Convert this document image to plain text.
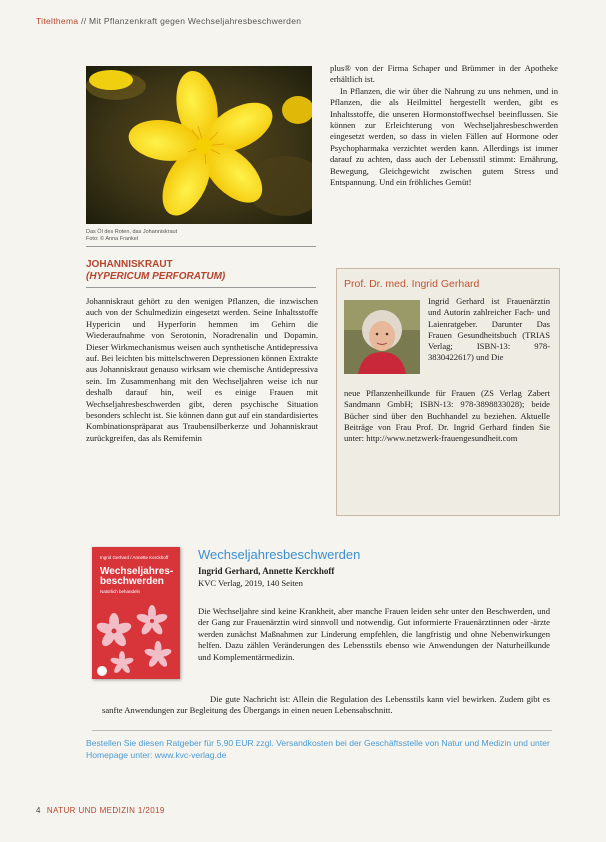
Titelthema // Mit Pflanzenkraft gegen Wechseljahresbeschwerden
Das Öl des Roten, das Johanniskraut
Foto: © Anna Frankel
JOHANNISKRAUT
(HYPERICUM PERFORATUM)

Johanniskraut gehört zu den wenigen Pflanzen, die inzwischen auch von der Schulmedizin eingesetzt werden. Seine Inhaltsstoffe Hypericin und Hyperforin hemmen im Gehirn die Wiederaufnahme von Serotonin, Noradrenalin und Dopamin. Dieser Wirkmechanismus weisen auch synthetische Antidepressiva auf. Bei leichten bis mittelschweren Depressionen können Extrakte aus Johanniskraut genauso wirksam wie chemische Antidepressiva sein. Im Zusammenhang mit den Wechseljahren weise ich nur deshalb darauf hin, weil es einige Frauen mit Wechseljahresbeschwerden gibt, deren psychische Situation besonders schlecht ist. Sie können dann gut auf ein standardisiertes Kombinationspräparat aus Traubensilberkerze und Johanniskraut zurückgreifen, das als Remifemin

plus® von der Firma Schaper und Brümmer in der Apotheke erhältlich ist.

In Pflanzen, die wir über die Nahrung zu uns nehmen, und in Pflanzen, die als Heilmittel hergestellt werden, gibt es Inhaltsstoffe, die unseren Hormonstoffwechsel beeinflussen. Sie können zur Erleichterung von Wechseljahresbeschwerden eingesetzt werden, so dass in vielen Fällen auf Hormone oder Psychopharmaka verzichtet werden kann. Allerdings ist immer darauf zu achten, dass auch der Lebensstil stimmt: Ernährung, Bewegung, Gleichgewicht zwischen gutem Stress und Entspannung. Und ein fröhliches Gemüt!

Prof. Dr. med. Ingrid Gerhard

Ingrid Gerhard ist Frauenärztin und Autorin zahlreicher Fach- und Laienratgeber. Darunter Das Frauen Gesundheitsbuch (TRIAS Verlag; ISBN-13: 978-3830422617) und Die

neue Pflanzenheilkunde für Frauen (ZS Verlag Zabert Sandmann GmbH; ISBN-13: 978-3898833028); beide Bücher sind über den Buchhandel zu beziehen. Aktuelle Beiträge von Frau Prof. Dr. Ingrid Gerhard finden Sie unter: http://www.netzwerk-frauengesundheit.com

Ingrid Gerhard / Annette Kerckhoff
Wechseljahres-beschwerden
Natürlich behandeln
Wechseljahresbeschwerden
Ingrid Gerhard, Annette Kerckhoff
KVC Verlag, 2019, 140 Seiten
Die Wechseljahre sind keine Krankheit, aber manche Frauen leiden sehr unter den Beschwerden, und der Gang zur Frauenärztin wird sinnvoll und notwendig. Gut informierte Frauenärztinnen oder -ärzte werden zunächst Maßnahmen zur Linderung empfehlen, die langfristig und ohne Nebenwirkungen helfen. Dazu zählen Veränderungen des Lebensstils ebenso wie Anwendungen der Naturheilkunde und Komplementärmedizin.

Die gute Nachricht ist: Allein die Regulation des Lebensstils kann viel bewirken. Zudem gibt es sanfte Anwendungen zur Begleitung des Übergangs in einen neuen Lebensabschnitt.

Bestellen Sie diesen Ratgeber für 5,90 EUR zzgl. Versandkosten bei der Geschäftsstelle von Natur und Medizin und unter Homepage unter: www.kvc-verlag.de
4 NATUR UND MEDIZIN 1/2019
